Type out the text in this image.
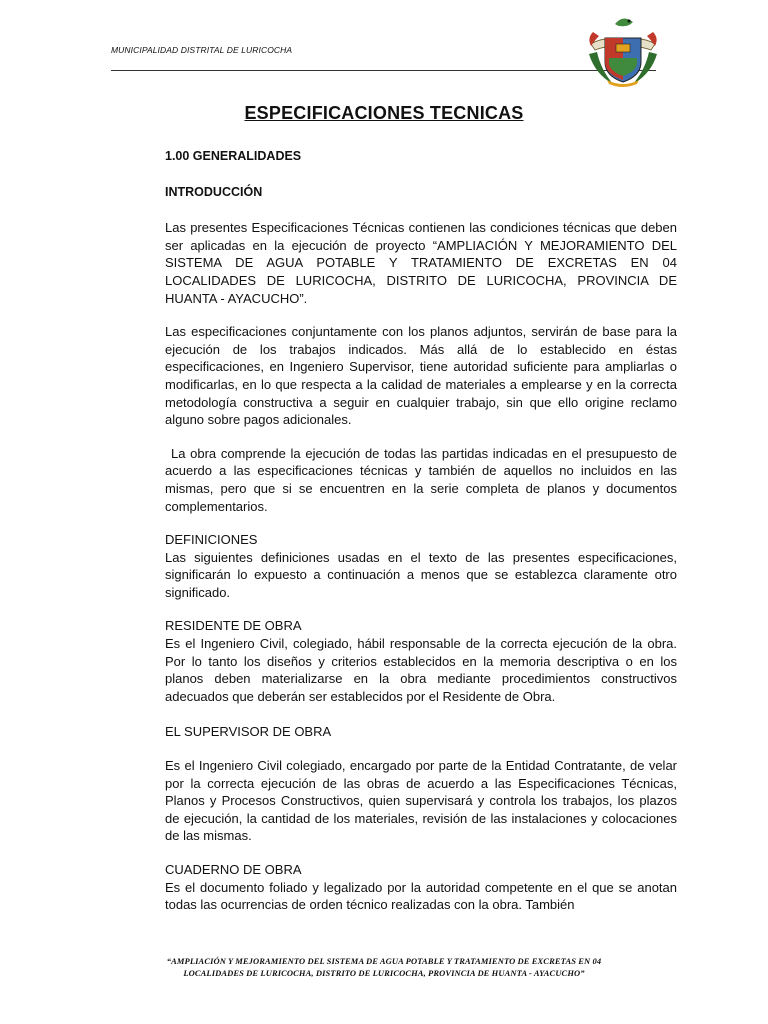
MUNICIPALIDAD DISTRITAL DE LURICOCHA
ESPECIFICACIONES TECNICAS

1.00 GENERALIDADES

INTRODUCCIÓN

Las presentes Especificaciones Técnicas contienen las condiciones técnicas que deben ser aplicadas en la ejecución de proyecto “AMPLIACIÓN Y MEJORAMIENTO DEL SISTEMA DE AGUA POTABLE Y TRATAMIENTO DE EXCRETAS EN 04 LOCALIDADES DE LURICOCHA, DISTRITO DE LURICOCHA, PROVINCIA DE HUANTA - AYACUCHO”.

Las especificaciones conjuntamente con los planos adjuntos, servirán de base para la ejecución de los trabajos indicados. Más allá de lo establecido en éstas especificaciones, en Ingeniero Supervisor, tiene autoridad suficiente para ampliarlas o modificarlas, en lo que respecta a la calidad de materiales a emplearse y en la correcta metodología constructiva a seguir en cualquier trabajo, sin que ello origine reclamo alguno sobre pagos adicionales.

La obra comprende la ejecución de todas las partidas indicadas en el presupuesto de acuerdo a las especificaciones técnicas y también de aquellos no incluidos en las mismas, pero que si se encuentren en la serie completa de planos y documentos complementarios.

DEFINICIONES

Las siguientes definiciones usadas en el texto de las presentes especificaciones, significarán lo expuesto a continuación a menos que se establezca claramente otro significado.

RESIDENTE DE OBRA

Es el Ingeniero Civil, colegiado, hábil responsable de la correcta ejecución de la obra. Por lo tanto los diseños y criterios establecidos en la memoria descriptiva o en los planos deben materializarse en la obra mediante procedimientos constructivos adecuados que deberán ser establecidos por el Residente de Obra.

EL SUPERVISOR DE OBRA

Es el Ingeniero Civil colegiado, encargado por parte de la Entidad Contratante, de velar por la correcta ejecución de las obras de acuerdo a las Especificaciones Técnicas, Planos y Procesos Constructivos, quien supervisará y controla los trabajos, los plazos de ejecución, la cantidad de los materiales, revisión de las instalaciones y colocaciones de las mismas.

CUADERNO DE OBRA

Es el documento foliado y legalizado por la autoridad competente en el que se anotan todas las ocurrencias de orden técnico realizadas con la obra. También

“AMPLIACIÓN Y MEJORAMIENTO DEL SISTEMA DE AGUA POTABLE Y TRATAMIENTO DE EXCRETAS EN 04
LOCALIDADES DE LURICOCHA, DISTRITO DE LURICOCHA, PROVINCIA DE HUANTA - AYACUCHO”
